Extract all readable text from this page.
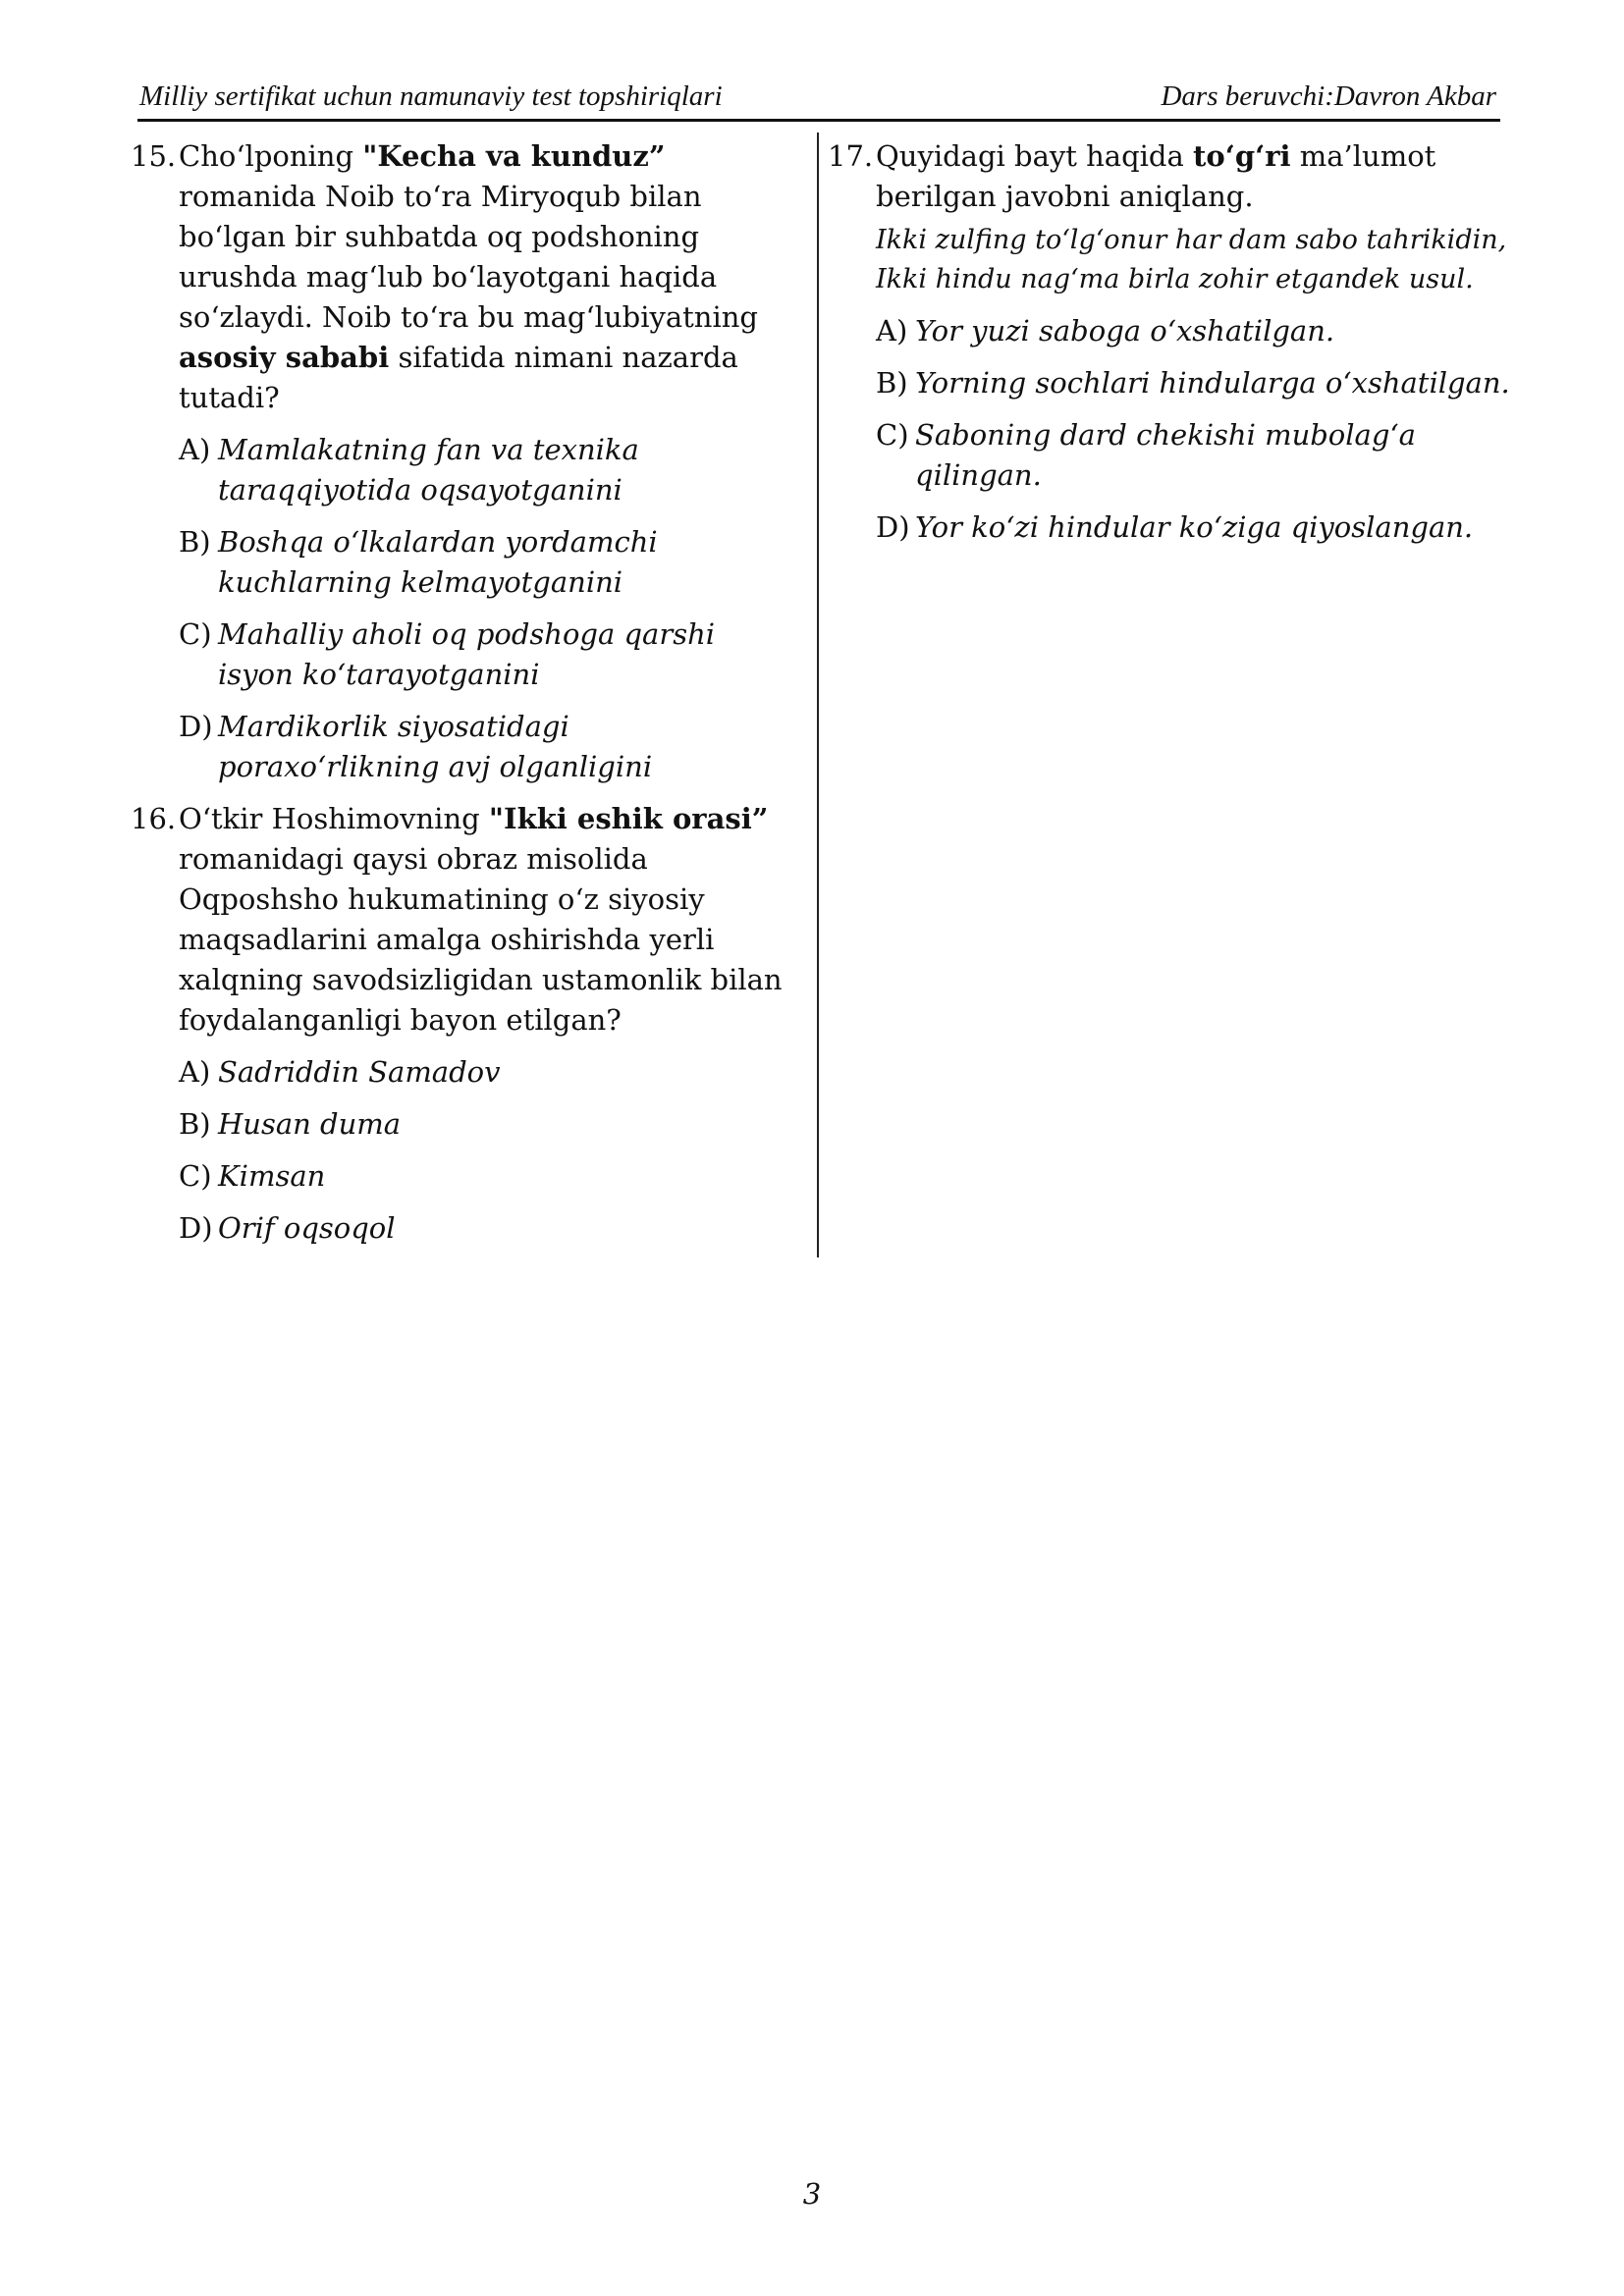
Milliy sertifikat uchun namunaviy test topshiriqlari	Dars beruvchi:Davron Akbar
15. Cho‘lponing "Kecha va kunduz” romanida Noib to‘ra Miryoqub bilan bo‘lgan bir suhbatda oq podshoning urushda mag‘lub bo‘layotgani haqida so‘zlaydi. Noib to‘ra bu mag‘lubiyatning asosiy sababi sifatida nimani nazarda tutadi?
A) Mamlakatning fan va texnika taraqqiyotida oqsayotganini
B) Boshqa o‘lkalardan yordamchi kuchlarning kelmayotganini
C) Mahalliy aholi oq podshoga qarshi isyon ko‘tarayotganini
D) Mardikorlik siyosatidagi poraxo‘rlikning avj olganligini
16. O‘tkir Hoshimovning "Ikki eshik orasi” romanidagi qaysi obraz misolida Oqposhsho hukumatining o‘z siyosiy maqsadlarini amalga oshirishda yerli xalqning savodsizligidan ustamonlik bilan foydalanganligi bayon etilgan?
A) Sadriddin Samadov
B) Husan duma
C) Kimsan
D) Orif oqsoqol
17. Quyidagi bayt haqida to‘g‘ri ma’lumot berilgan javobni aniqlang.
Ikki zulfing to‘lg‘onur har dam sabo tahrikidin,
Ikki hindu nag‘ma birla zohir etgandek usul.
A) Yor yuzi saboga o‘xshatilgan.
B) Yorning sochlari hindularga o‘xshatilgan.
C) Saboning dard chekishi mubolag‘a qilingan.
D) Yor ko‘zi hindular ko‘ziga qiyoslangan.
3
